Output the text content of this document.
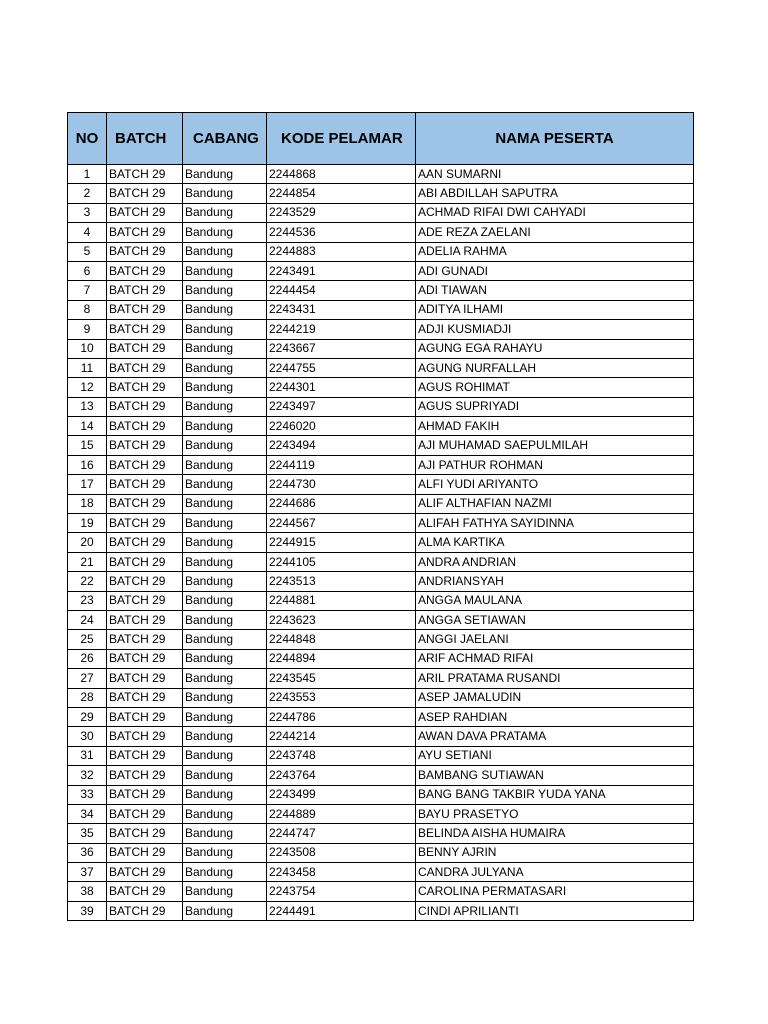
NO	BATCH	CABANG	KODE PELAMAR	NAMA PESERTA
1	BATCH 29	Bandung	2244868	AAN SUMARNI
2	BATCH 29	Bandung	2244854	ABI ABDILLAH SAPUTRA
3	BATCH 29	Bandung	2243529	ACHMAD RIFAI DWI CAHYADI
4	BATCH 29	Bandung	2244536	ADE REZA ZAELANI
5	BATCH 29	Bandung	2244883	ADELIA RAHMA
6	BATCH 29	Bandung	2243491	ADI GUNADI
7	BATCH 29	Bandung	2244454	ADI TIAWAN
8	BATCH 29	Bandung	2243431	ADITYA ILHAMI
9	BATCH 29	Bandung	2244219	ADJI KUSMIADJI
10	BATCH 29	Bandung	2243667	AGUNG EGA RAHAYU
11	BATCH 29	Bandung	2244755	AGUNG NURFALLAH
12	BATCH 29	Bandung	2244301	AGUS ROHIMAT
13	BATCH 29	Bandung	2243497	AGUS SUPRIYADI
14	BATCH 29	Bandung	2246020	AHMAD FAKIH
15	BATCH 29	Bandung	2243494	AJI MUHAMAD SAEPULMILAH
16	BATCH 29	Bandung	2244119	AJI PATHUR ROHMAN
17	BATCH 29	Bandung	2244730	ALFI YUDI ARIYANTO
18	BATCH 29	Bandung	2244686	ALIF ALTHAFIAN NAZMI
19	BATCH 29	Bandung	2244567	ALIFAH FATHYA SAYIDINNA
20	BATCH 29	Bandung	2244915	ALMA KARTIKA
21	BATCH 29	Bandung	2244105	ANDRA ANDRIAN
22	BATCH 29	Bandung	2243513	ANDRIANSYAH
23	BATCH 29	Bandung	2244881	ANGGA MAULANA
24	BATCH 29	Bandung	2243623	ANGGA SETIAWAN
25	BATCH 29	Bandung	2244848	ANGGI JAELANI
26	BATCH 29	Bandung	2244894	ARIF ACHMAD RIFAI
27	BATCH 29	Bandung	2243545	ARIL PRATAMA RUSANDI
28	BATCH 29	Bandung	2243553	ASEP JAMALUDIN
29	BATCH 29	Bandung	2244786	ASEP RAHDIAN
30	BATCH 29	Bandung	2244214	AWAN DAVA PRATAMA
31	BATCH 29	Bandung	2243748	AYU SETIANI
32	BATCH 29	Bandung	2243764	BAMBANG SUTIAWAN
33	BATCH 29	Bandung	2243499	BANG BANG TAKBIR YUDA YANA
34	BATCH 29	Bandung	2244889	BAYU PRASETYO
35	BATCH 29	Bandung	2244747	BELINDA AISHA HUMAIRA
36	BATCH 29	Bandung	2243508	BENNY AJRIN
37	BATCH 29	Bandung	2243458	CANDRA JULYANA
38	BATCH 29	Bandung	2243754	CAROLINA PERMATASARI
39	BATCH 29	Bandung	2244491	CINDI APRILIANTI
